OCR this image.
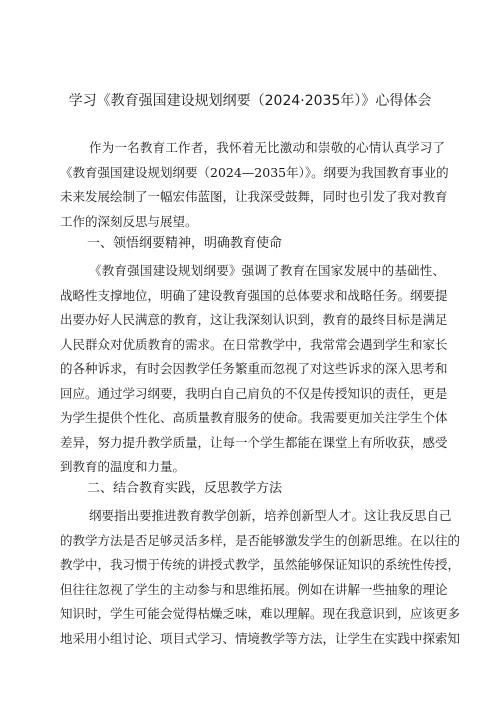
学习《教育强国建设规划纲要（2024·2035年）》心得体会
作为一名教育工作者，我怀着无比激动和崇敬的心情认真学习了
《教育强国建设规划纲要（2024—2035年）》。纲要为我国教育事业的
未来发展绘制了一幅宏伟蓝图，让我深受鼓舞，同时也引发了我对教育
工作的深刻反思与展望。
一、领悟纲要精神，明确教育使命
《教育强国建设规划纲要》强调了教育在国家发展中的基础性、
战略性支撑地位，明确了建设教育强国的总体要求和战略任务。纲要提
出要办好人民满意的教育，这让我深刻认识到，教育的最终目标是满足
人民群众对优质教育的需求。在日常教学中，我常常会遇到学生和家长
的各种诉求，有时会因教学任务繁重而忽视了对这些诉求的深入思考和
回应。通过学习纲要，我明白自己肩负的不仅是传授知识的责任，更是
为学生提供个性化、高质量教育服务的使命。我需要更加关注学生个体
差异，努力提升教学质量，让每一个学生都能在课堂上有所收获，感受
到教育的温度和力量。
二、结合教育实践，反思教学方法
纲要指出要推进教育教学创新，培养创新型人才。这让我反思自己
的教学方法是否足够灵活多样，是否能够激发学生的创新思维。在以往的
教学中，我习惯于传统的讲授式教学，虽然能够保证知识的系统性传授，
但往往忽视了学生的主动参与和思维拓展。例如在讲解一些抽象的理论
知识时，学生可能会觉得枯燥乏味，难以理解。现在我意识到，应该更多
地采用小组讨论、项目式学习、情境教学等方法，让学生在实践中探索知
